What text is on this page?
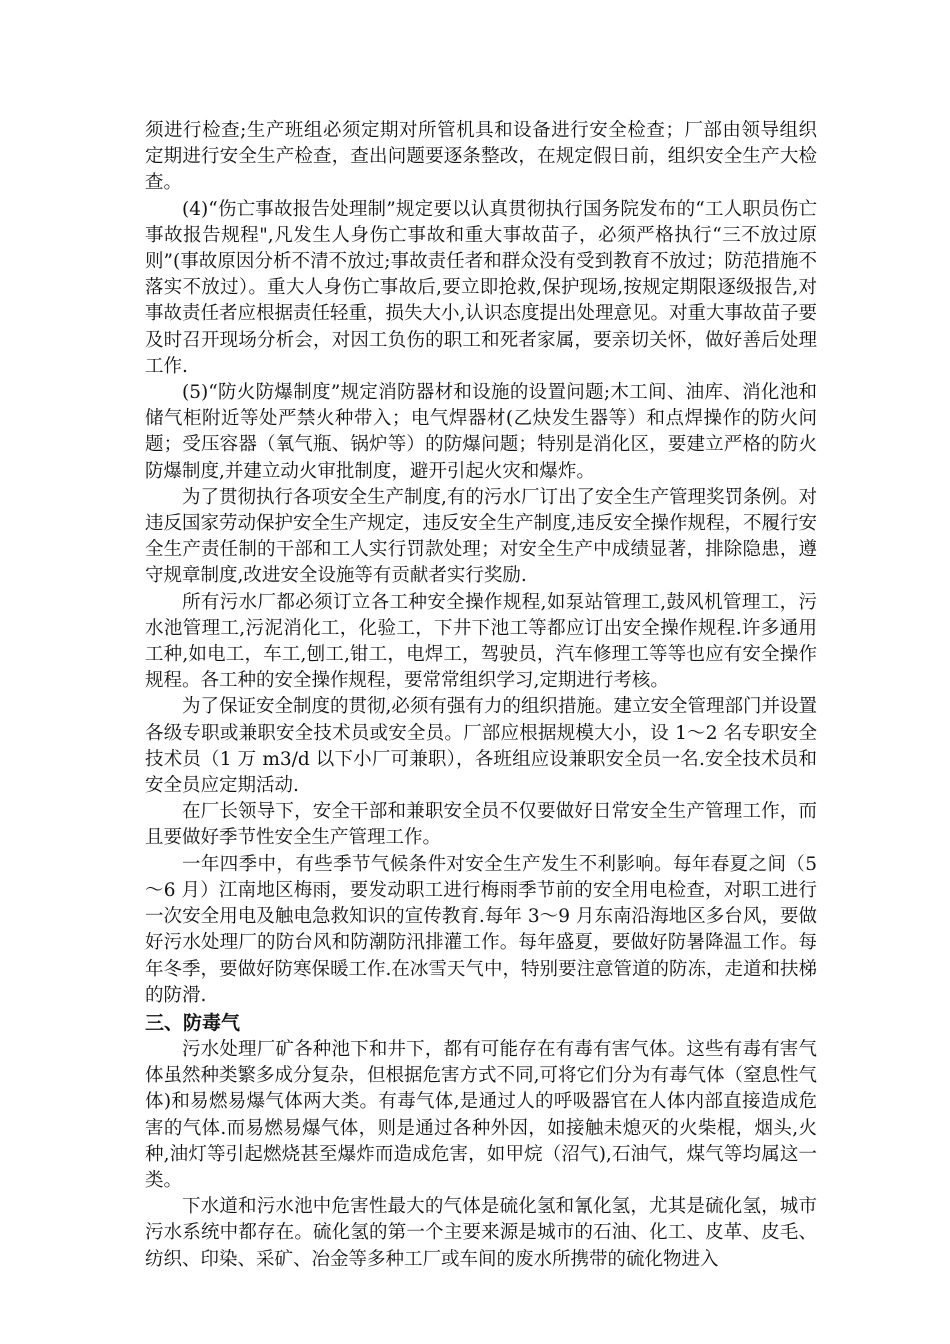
须进行检查;生产班组必须定期对所管机具和设备进行安全检查；厂部由领导组织定期进行安全生产检查，查出问题要逐条整改，在规定假日前，组织安全生产大检查。

(4)“伤亡事故报告处理制”规定要以认真贯彻执行国务院发布的“工人职员伤亡事故报告规程",凡发生人身伤亡事故和重大事故苗子，必须严格执行“三不放过原则”(事故原因分析不清不放过;事故责任者和群众没有受到教育不放过；防范措施不落实不放过）。重大人身伤亡事故后,要立即抢救,保护现场,按规定期限逐级报告,对事故责任者应根据责任轻重，损失大小,认识态度提出处理意见。对重大事故苗子要及时召开现场分析会，对因工负伤的职工和死者家属，要亲切关怀，做好善后处理工作.

(5)“防火防爆制度”规定消防器材和设施的设置问题;木工间、油库、消化池和储气柜附近等处严禁火种带入；电气焊器材(乙炔发生器等）和点焊操作的防火问题；受压容器（氧气瓶、锅炉等）的防爆问题；特别是消化区，要建立严格的防火防爆制度,并建立动火审批制度，避开引起火灾和爆炸。

为了贯彻执行各项安全生产制度,有的污水厂订出了安全生产管理奖罚条例。对违反国家劳动保护安全生产规定，违反安全生产制度,违反安全操作规程，不履行安全生产责任制的干部和工人实行罚款处理；对安全生产中成绩显著，排除隐患，遵守规章制度,改进安全设施等有贡献者实行奖励.

所有污水厂都必须订立各工种安全操作规程,如泵站管理工,鼓风机管理工，污水池管理工,污泥消化工，化验工，下井下池工等都应订出安全操作规程.许多通用工种,如电工，车工,刨工,钳工，电焊工，驾驶员，汽车修理工等等也应有安全操作规程。各工种的安全操作规程，要常常组织学习,定期进行考核。

为了保证安全制度的贯彻,必须有强有力的组织措施。建立安全管理部门并设置各级专职或兼职安全技术员或安全员。厂部应根据规模大小，设 1～2 名专职安全技术员（1 万 m3/d 以下小厂可兼职），各班组应设兼职安全员一名.安全技术员和安全员应定期活动.

在厂长领导下，安全干部和兼职安全员不仅要做好日常安全生产管理工作，而且要做好季节性安全生产管理工作。

一年四季中，有些季节气候条件对安全生产发生不利影响。每年春夏之间（5～6 月）江南地区梅雨，要发动职工进行梅雨季节前的安全用电检查，对职工进行一次安全用电及触电急救知识的宣传教育.每年 3～9 月东南沿海地区多台风，要做好污水处理厂的防台风和防潮防汛排灌工作。每年盛夏，要做好防暑降温工作。每年冬季，要做好防寒保暖工作.在冰雪天气中，特别要注意管道的防冻，走道和扶梯的防滑.

三、防毒气

污水处理厂矿各种池下和井下，都有可能存在有毒有害气体。这些有毒有害气体虽然种类繁多成分复杂，但根据危害方式不同,可将它们分为有毒气体（窒息性气体)和易燃易爆气体两大类。有毒气体,是通过人的呼吸器官在人体内部直接造成危害的气体.而易燃易爆气体，则是通过各种外因，如接触未熄灭的火柴棍，烟头,火种,油灯等引起燃烧甚至爆炸而造成危害，如甲烷（沼气),石油气，煤气等均属这一类。

下水道和污水池中危害性最大的气体是硫化氢和氰化氢，尤其是硫化氢，城市污水系统中都存在。硫化氢的第一个主要来源是城市的石油、化工、皮革、皮毛、纺织、印染、采矿、冶金等多种工厂或车间的废水所携带的硫化物进入
